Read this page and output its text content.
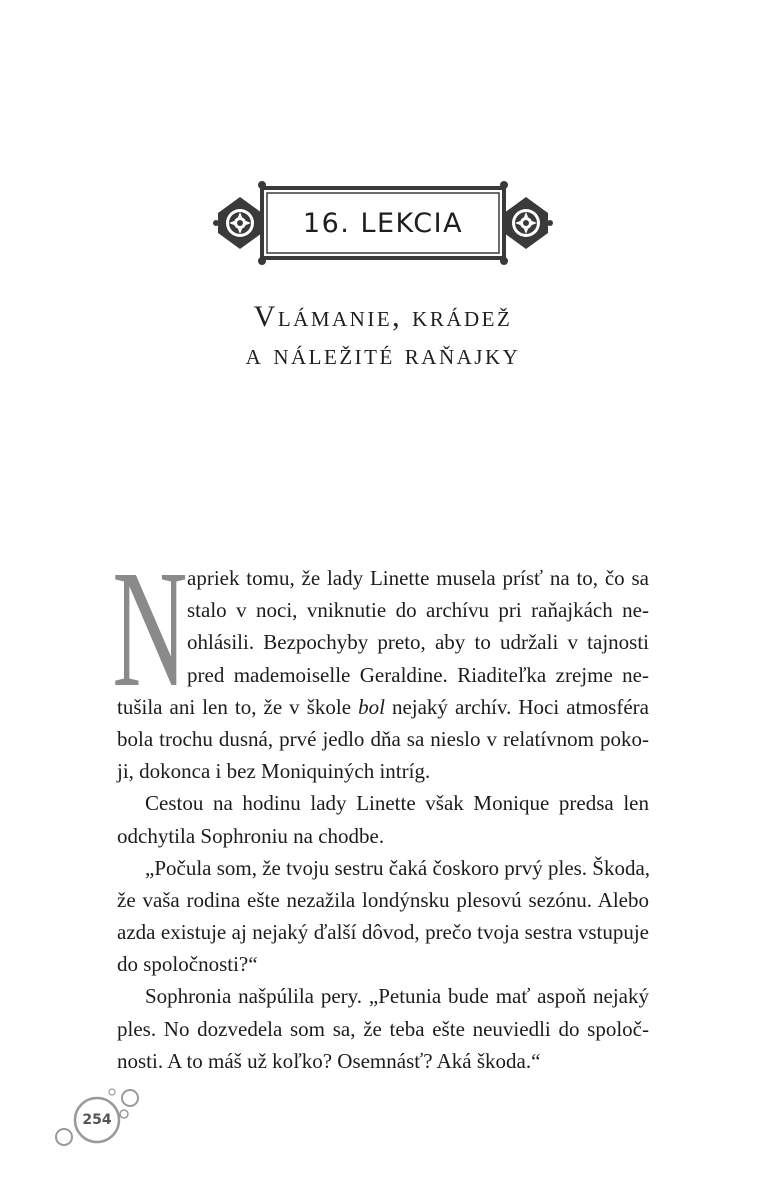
16. LEKCIA
Vlámanie, krádež
a náležité raňajky
N apriek tomu, že lady Linette musela prísť na to, čo sa
stalo v noci, vniknutie do archívu pri raňajkách ne-
ohlásili. Bezpochyby preto, aby to udržali v tajnosti
pred mademoiselle Geraldine. Riaditeľka zrejme ne-
tušila ani len to, že v škole bol nejaký archív. Hoci atmosféra
bola trochu dusná, prvé jedlo dňa sa nieslo v relatívnom poko-
ji, dokonca i bez Moniquiných intríg.
Cestou na hodinu lady Linette však Monique predsa len
odchytila Sophroniu na chodbe.
„Počula som, že tvoju sestru čaká čoskoro prvý ples. Škoda,
že vaša rodina ešte nezažila londýnsku plesovú sezónu. Alebo
azda existuje aj nejaký ďalší dôvod, prečo tvoja sestra vstupuje
do spoločnosti?“
Sophronia našpúlila pery. „Petunia bude mať aspoň nejaký
ples. No dozvedela som sa, že teba ešte neuviedli do spoloč-
nosti. A to máš už koľko? Osemnásť? Aká škoda.“
254
